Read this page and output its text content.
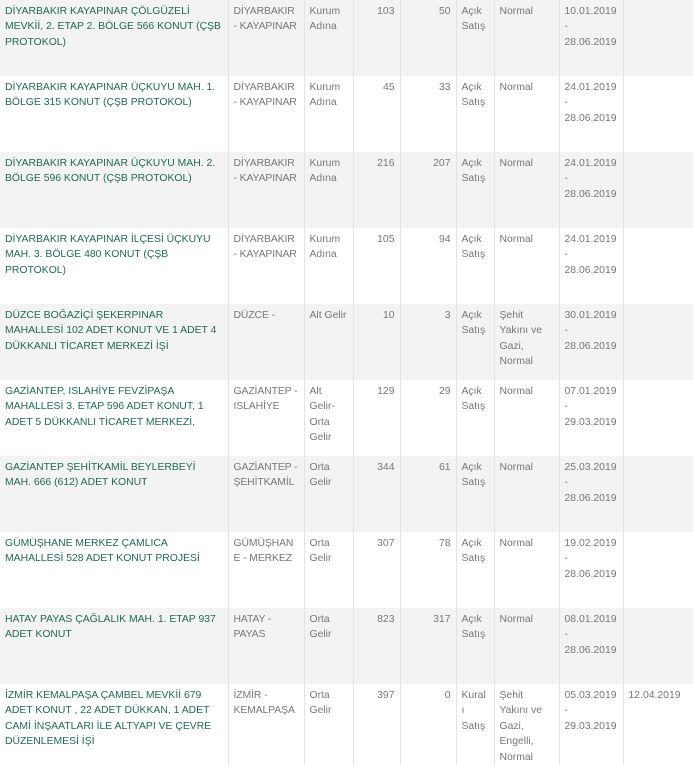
DİYARBAKIR KAYAPINAR ÇÖLGÜZELİ MEVKİİ, 2. ETAP 2. BÖLGE 566 KONUT (ÇŞB PROTOKOL)	DİYARBAKIR - KAYAPINAR	Kurum Adına	103	50	Açık Satış	Normal	10.01.2019
-
28.06.2019	

DİYARBAKIR KAYAPINAR ÜÇKUYU MAH. 1. BÖLGE 315 KONUT (ÇŞB PROTOKOL)	DİYARBAKIR - KAYAPINAR	Kurum Adına	45	33	Açık Satış	Normal	24.01.2019
-
28.06.2019	

DİYARBAKIR KAYAPINAR ÜÇKUYU MAH. 2. BÖLGE 596 KONUT (ÇŞB PROTOKOL)	DİYARBAKIR - KAYAPINAR	Kurum Adına	216	207	Açık Satış	Normal	24.01.2019
-
28.06.2019	

DİYARBAKIR KAYAPINAR İLÇESİ ÜÇKUYU MAH. 3. BÖLGE 480 KONUT (ÇŞB PROTOKOL)	DİYARBAKIR - KAYAPINAR	Kurum Adına	105	94	Açık Satış	Normal	24.01.2019
-
28.06.2019	

DÜZCE BOĞAZİÇİ ŞEKERPINAR MAHALLESİ 102 ADET KONUT VE 1 ADET 4 DÜKKANLI TİCARET MERKEZİ İŞİ	DÜZCE -	Alt Gelir	10	3	Açık Satış	Şehit Yakını ve Gazi, Normal	30.01.2019
-
28.06.2019	

GAZİANTEP, ISLAHİYE FEVZİPAŞA MAHALLESİ 3. ETAP 596 ADET KONUT, 1 ADET 5 DÜKKANLI TİCARET MERKEZİ,	GAZİANTEP - ISLAHİYE	Alt Gelir-Orta Gelir	129	29	Açık Satış	Normal	07.01.2019
-
29.03.2019	

GAZİANTEP ŞEHİTKAMİL BEYLERBEYİ MAH. 666 (612) ADET KONUT	GAZİANTEP - ŞEHİTKAMİL	Orta Gelir	344	61	Açık Satış	Normal	25.03.2019
-
28.06.2019	

GÜMÜŞHANE MERKEZ ÇAMLICA MAHALLESİ 528 ADET KONUT PROJESİ	GÜMÜŞHANE - MERKEZ	Orta Gelir	307	78	Açık Satış	Normal	19.02.2019
-
28.06.2019	

HATAY PAYAS ÇAĞLALIK MAH. 1. ETAP 937 ADET KONUT	HATAY - PAYAS	Orta Gelir	823	317	Açık Satış	Normal	08.01.2019
-
28.06.2019	

İZMİR KEMALPAŞA ÇAMBEL MEVKİİ 679 ADET KONUT , 22 ADET DÜKKAN, 1 ADET CAMİ İNŞAATLARI İLE ALTYAPI VE ÇEVRE DÜZENLEMESİ İŞİ	İZMİR - KEMALPAŞA	Orta Gelir	397	0	Kuralı Satış	Şehit Yakını ve Gazi, Engelli, Normal	05.03.2019
-
29.03.2019	12.04.2019
